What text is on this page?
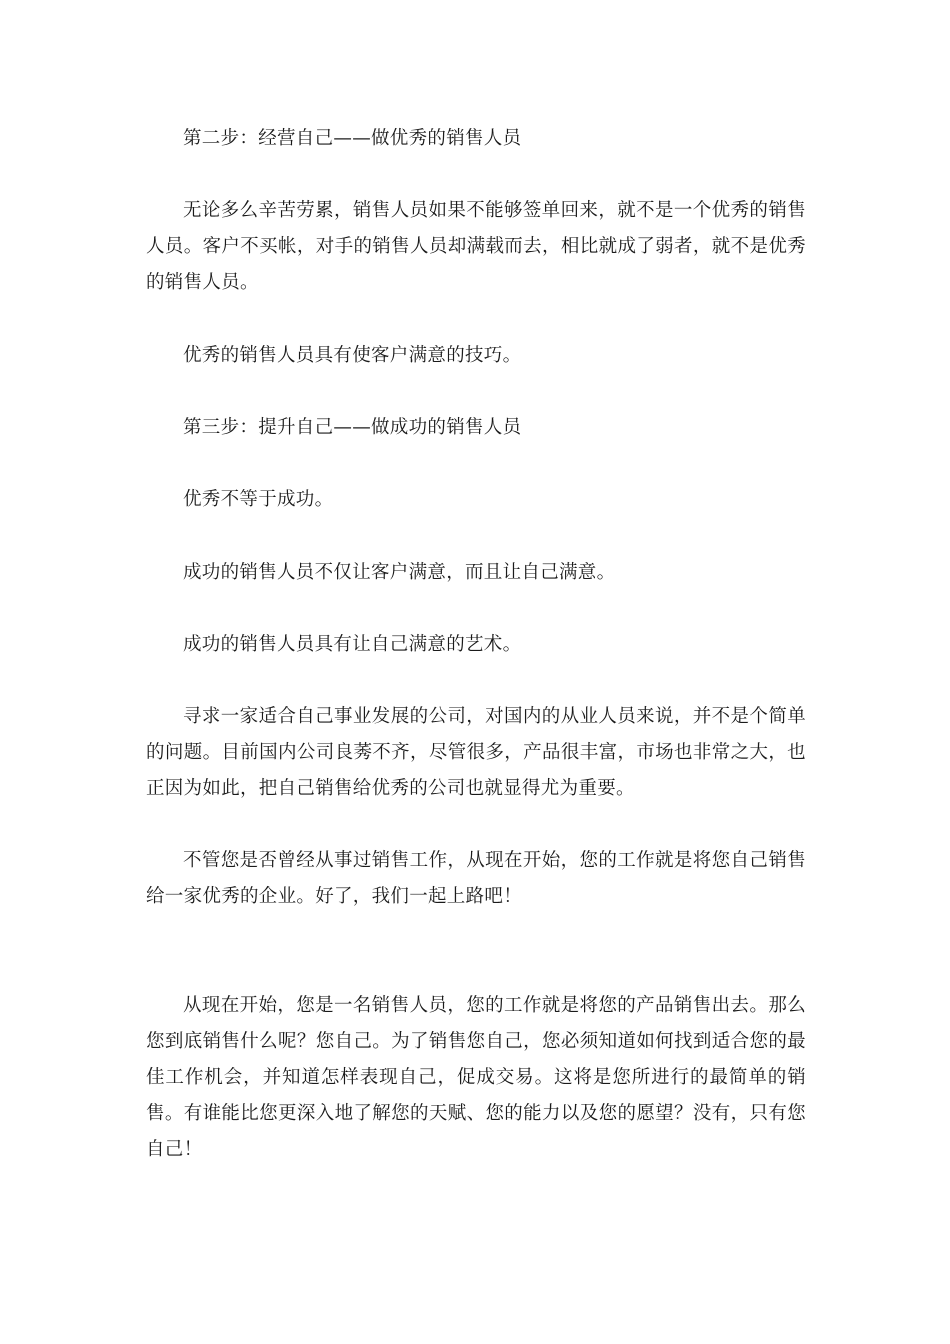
第二步：经营自己——做优秀的销售人员

无论多么辛苦劳累，销售人员如果不能够签单回来，就不是一个优秀的销售人员。客户不买帐，对手的销售人员却满载而去，相比就成了弱者，就不是优秀的销售人员。

优秀的销售人员具有使客户满意的技巧。

第三步：提升自己——做成功的销售人员

优秀不等于成功。

成功的销售人员不仅让客户满意，而且让自己满意。

成功的销售人员具有让自己满意的艺术。

寻求一家适合自己事业发展的公司，对国内的从业人员来说，并不是个简单的问题。目前国内公司良莠不齐，尽管很多，产品很丰富，市场也非常之大，也正因为如此，把自己销售给优秀的公司也就显得尤为重要。

不管您是否曾经从事过销售工作，从现在开始，您的工作就是将您自己销售给一家优秀的企业。好了，我们一起上路吧！

从现在开始，您是一名销售人员，您的工作就是将您的产品销售出去。那么您到底销售什么呢？您自己。为了销售您自己，您必须知道如何找到适合您的最佳工作机会，并知道怎样表现自己，促成交易。这将是您所进行的最简单的销售。有谁能比您更深入地了解您的天赋、您的能力以及您的愿望？没有，只有您自己！
